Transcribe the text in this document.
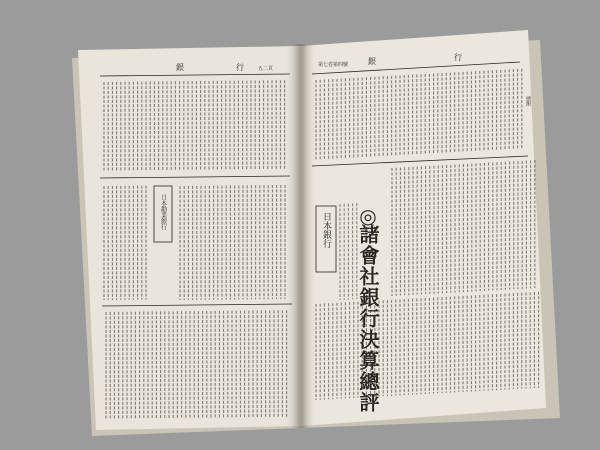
銀	行	五二頁
日本勸業銀行
銀	行
第七卷第四號
日本銀行 ◎
諸會社銀行決算總評
總額
